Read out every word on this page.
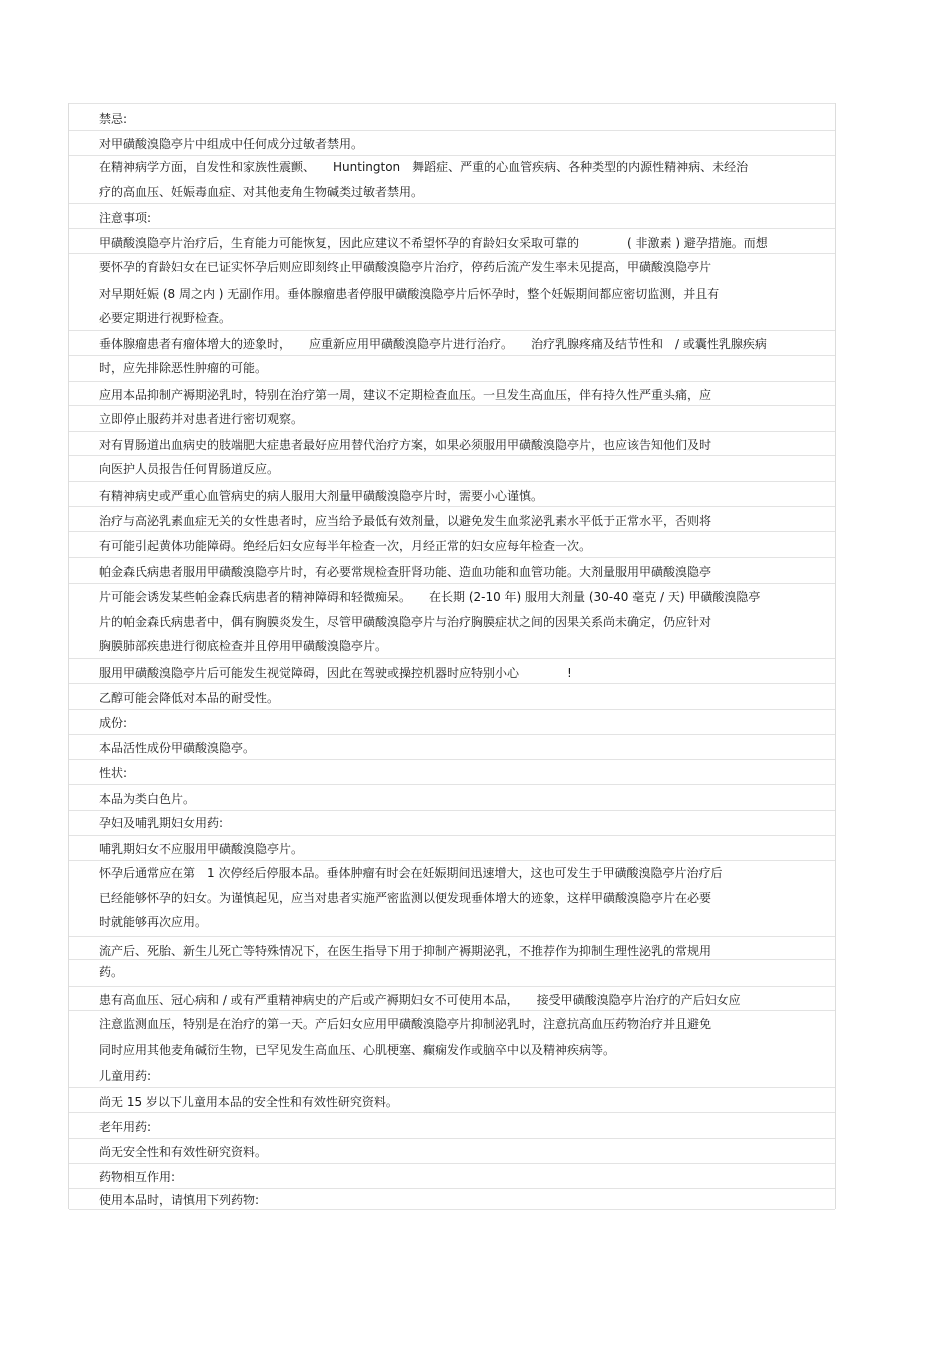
禁忌:
对甲磺酸溴隐亭片中组成中任何成分过敏者禁用。
在精神病学方面，自发性和家族性震颤、　　Huntington　舞蹈症、严重的心血管疾病、各种类型的内源性精神病、未经治
疗的高血压、妊娠毒血症、对其他麦角生物碱类过敏者禁用。
注意事项:
甲磺酸溴隐亭片治疗后，生育能力可能恢复，因此应建议不希望怀孕的育龄妇女采取可靠的　　　　( 非激素 ) 避孕措施。而想
要怀孕的育龄妇女在已证实怀孕后则应即刻终止甲磺酸溴隐亭片治疗，停药后流产发生率未见提高，甲磺酸溴隐亭片
对早期妊娠 (8 周之内 ) 无副作用。垂体腺瘤患者停服甲磺酸溴隐亭片后怀孕时，整个妊娠期间都应密切监测，并且有
必要定期进行视野检查。
垂体腺瘤患者有瘤体增大的迹象时，　　应重新应用甲磺酸溴隐亭片进行治疗。　　治疗乳腺疼痛及结节性和　/ 或囊性乳腺疾病
时，应先排除恶性肿瘤的可能。
应用本品抑制产褥期泌乳时，特别在治疗第一周，建议不定期检查血压。一旦发生高血压，伴有持久性严重头痛，应
立即停止服药并对患者进行密切观察。
对有胃肠道出血病史的肢端肥大症患者最好应用替代治疗方案，如果必须服用甲磺酸溴隐亭片，也应该告知他们及时
向医护人员报告任何胃肠道反应。
有精神病史或严重心血管病史的病人服用大剂量甲磺酸溴隐亭片时，需要小心谨慎。
治疗与高泌乳素血症无关的女性患者时，应当给予最低有效剂量，以避免发生血浆泌乳素水平低于正常水平，否则将
有可能引起黄体功能障碍。绝经后妇女应每半年检查一次，月经正常的妇女应每年检查一次。
帕金森氏病患者服用甲磺酸溴隐亭片时，有必要常规检查肝肾功能、造血功能和血管功能。大剂量服用甲磺酸溴隐亭
片可能会诱发某些帕金森氏病患者的精神障碍和轻微痴呆。　　在长期 (2-10 年) 服用大剂量 (30-40 毫克 / 天) 甲磺酸溴隐亭
片的帕金森氏病患者中，偶有胸膜炎发生，尽管甲磺酸溴隐亭片与治疗胸膜症状之间的因果关系尚未确定，仍应针对
胸膜肺部疾患进行彻底检查并且停用甲磺酸溴隐亭片。
服用甲磺酸溴隐亭片后可能发生视觉障碍，因此在驾驶或操控机器时应特别小心　　　　!
乙醇可能会降低对本品的耐受性。
成份:
本品活性成份甲磺酸溴隐亭。
性状:
本品为类白色片。
孕妇及哺乳期妇女用药:
哺乳期妇女不应服用甲磺酸溴隐亭片。
怀孕后通常应在第　1 次停经后停服本品。垂体肿瘤有时会在妊娠期间迅速增大，这也可发生于甲磺酸溴隐亭片治疗后
已经能够怀孕的妇女。为谨慎起见，应当对患者实施严密监测以便发现垂体增大的迹象，这样甲磺酸溴隐亭片在必要
时就能够再次应用。
流产后、死胎、新生儿死亡等特殊情况下，在医生指导下用于抑制产褥期泌乳，不推荐作为抑制生理性泌乳的常规用
药。
患有高血压、冠心病和 / 或有严重精神病史的产后或产褥期妇女不可使用本品，　　接受甲磺酸溴隐亭片治疗的产后妇女应
注意监测血压，特别是在治疗的第一天。产后妇女应用甲磺酸溴隐亭片抑制泌乳时，注意抗高血压药物治疗并且避免
同时应用其他麦角碱衍生物，已罕见发生高血压、心肌梗塞、癫痫发作或脑卒中以及精神疾病等。
儿童用药:
尚无 15 岁以下儿童用本品的安全性和有效性研究资料。
老年用药:
尚无安全性和有效性研究资料。
药物相互作用:
使用本品时，请慎用下列药物:
